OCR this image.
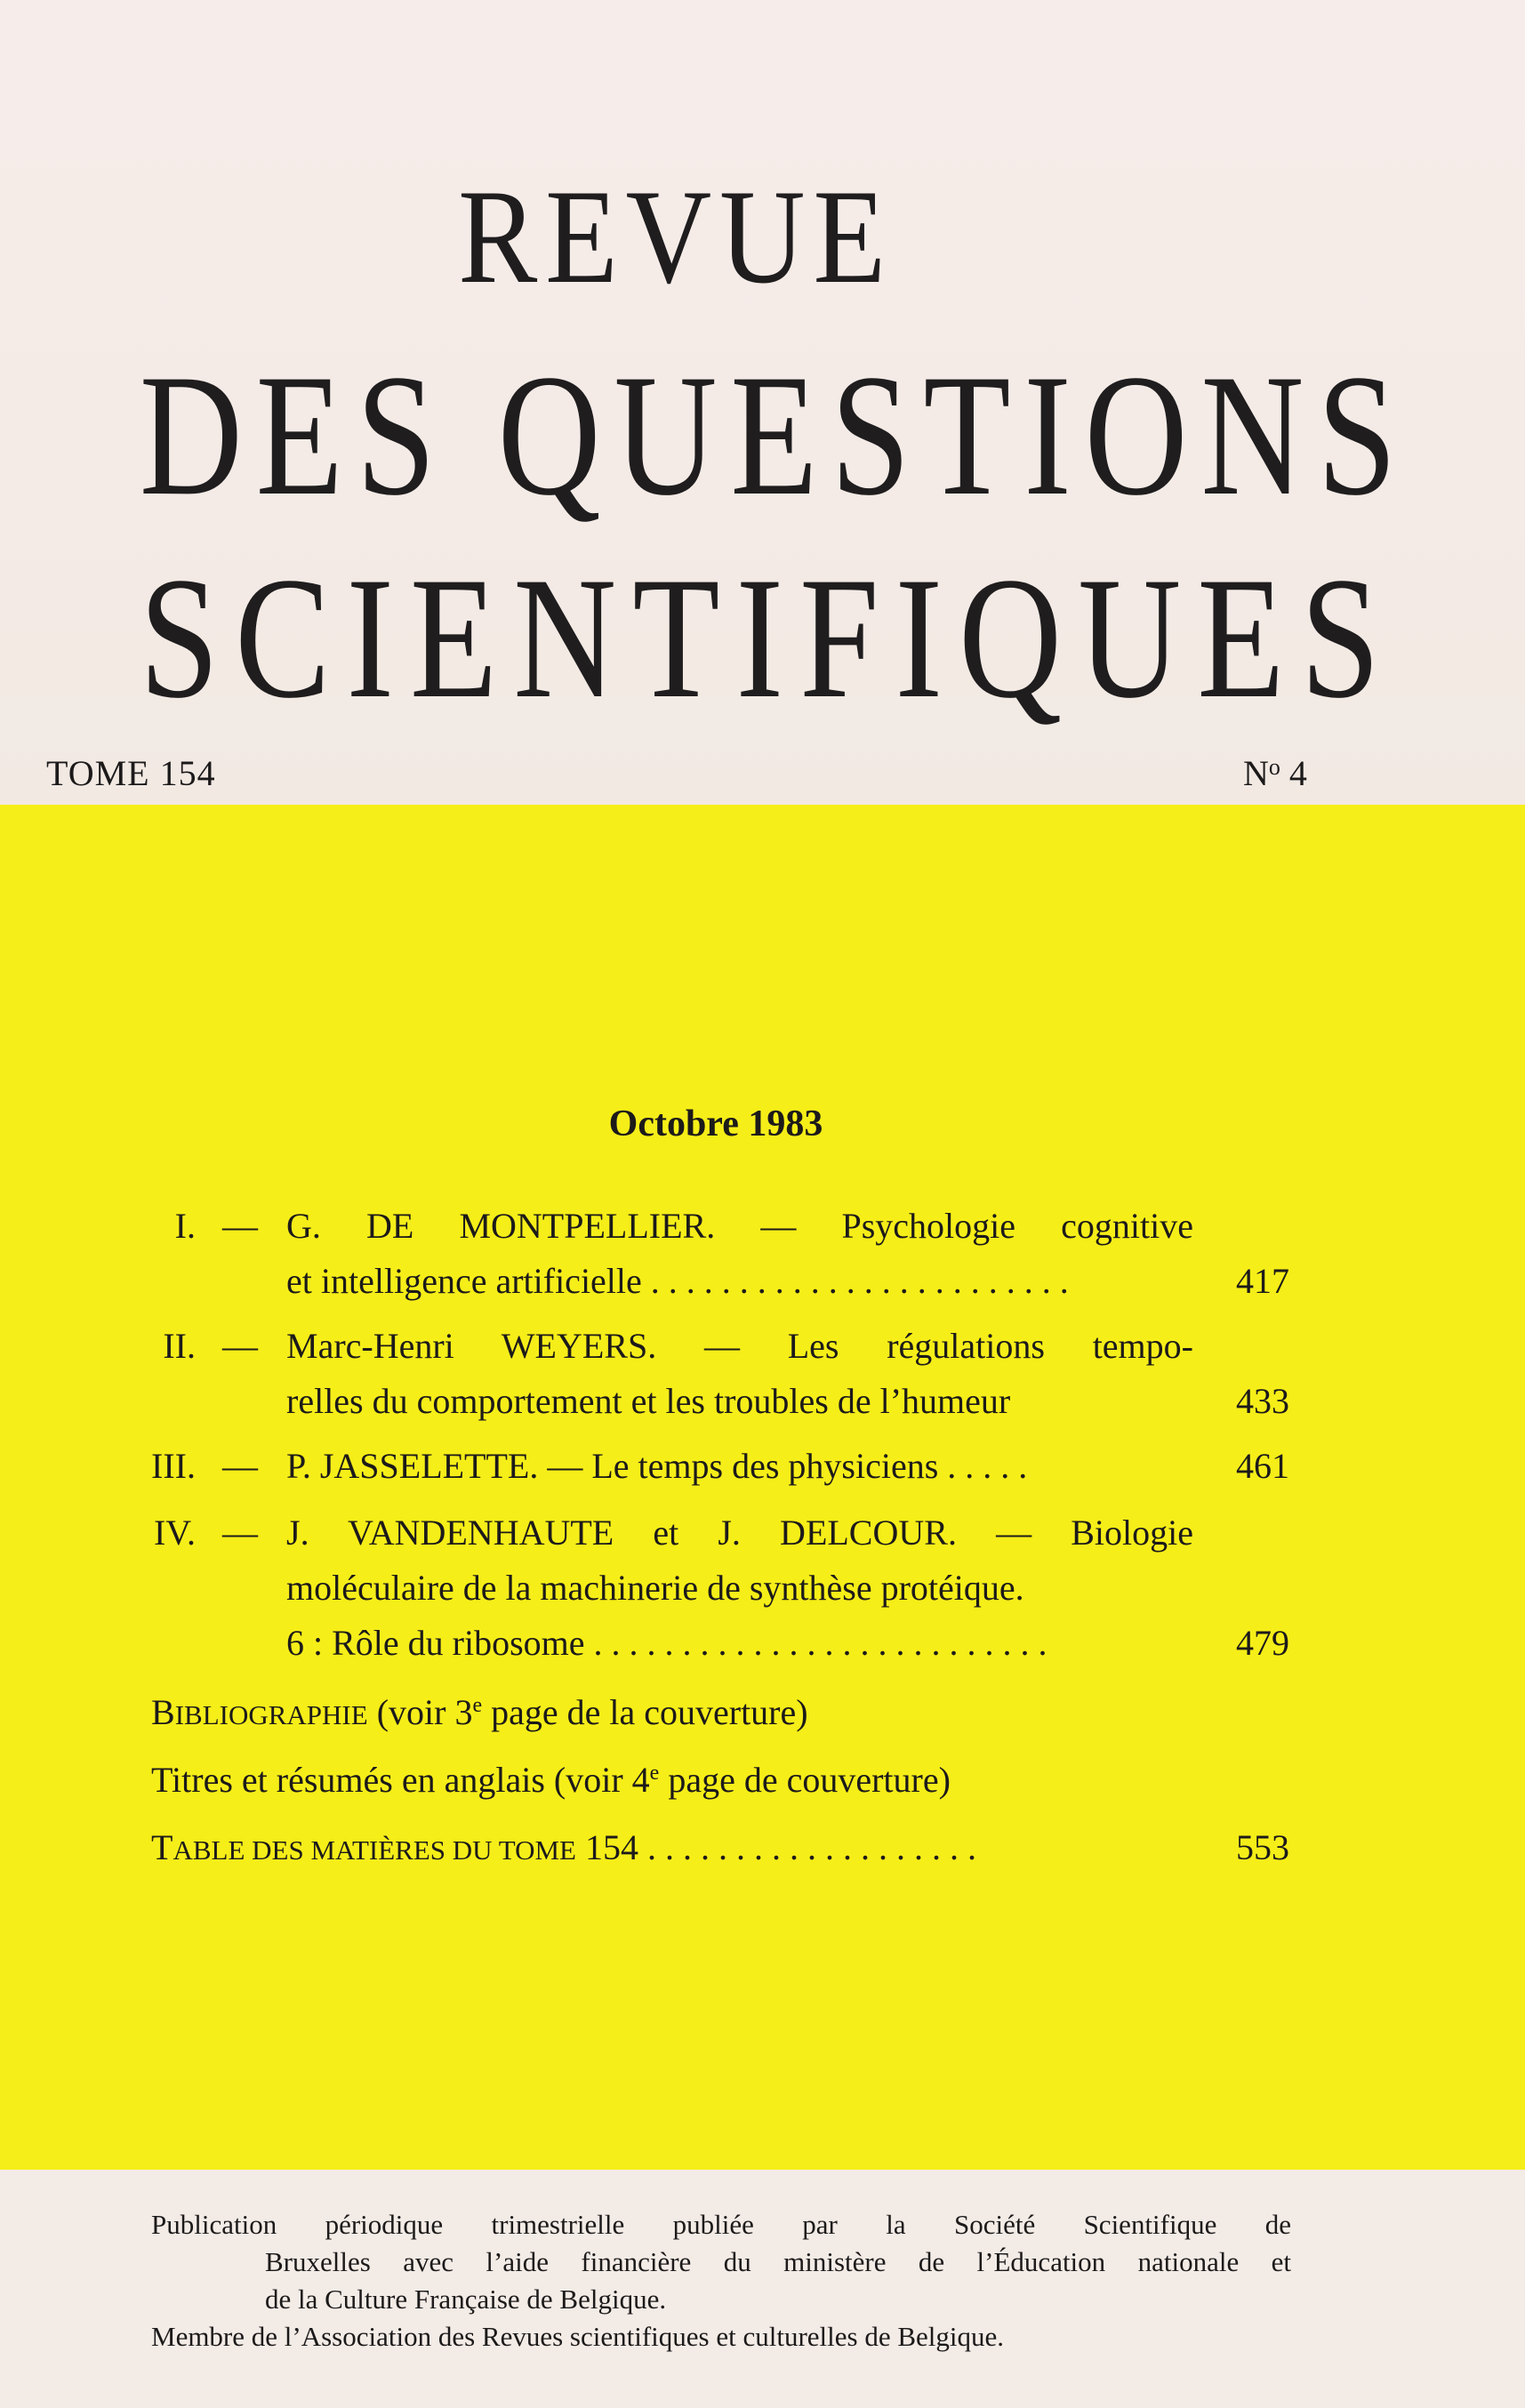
REVUE
DES QUESTIONS
SCIENTIFIQUES
TOME 154	$N^o$ 4
Octobre 1983
I. — G. DE MONTPELLIER. — Psychologie cognitive
et intelligence artificielle ........................	417
II. — Marc-Henri WEYERS. — Les régulations tempo-
relles du comportement et les troubles de l’humeur	433
III. — P. JASSELETTE. — Le temps des physiciens .....	461
IV. — J. VANDENHAUTE et J. DELCOUR. — Biologie
moléculaire de la machinerie de synthèse protéique.
6 : Rôle du ribosome ..........................	479
BIBLIOGRAPHIE (voir 3e page de la couverture)
Titres et résumés en anglais (voir 4e page de couverture)
TABLE DES MATIÈRES DU TOME 154 ...................	553
Publication périodique trimestrielle publiée par la Société Scientifique de
Bruxelles avec l’aide financière du ministère de l’Éducation nationale et
de la Culture Française de Belgique.
Membre de l’Association des Revues scientifiques et culturelles de Belgique.
